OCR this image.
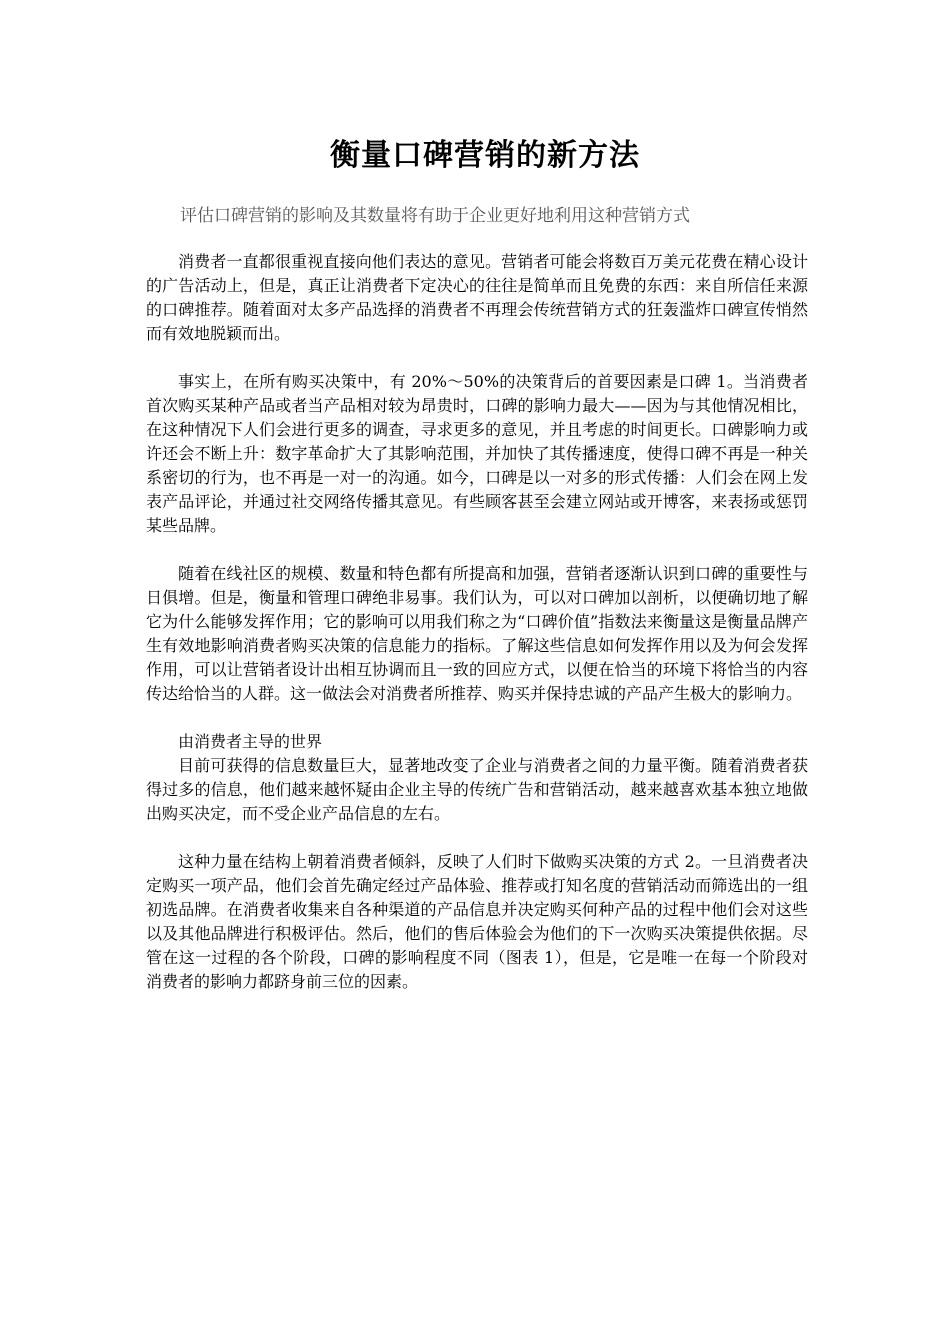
衡量口碑营销的新方法

评估口碑营销的影响及其数量将有助于企业更好地利用这种营销方式

消费者一直都很重视直接向他们表达的意见。营销者可能会将数百万美元花费在精心设计的广告活动上，但是，真正让消费者下定决心的往往是简单而且免费的东西：来自所信任来源的口碑推荐。随着面对太多产品选择的消费者不再理会传统营销方式的狂轰滥炸口碑宣传悄然而有效地脱颖而出。

事实上，在所有购买决策中，有 20%～50%的决策背后的首要因素是口碑 1。当消费者首次购买某种产品或者当产品相对较为昂贵时，口碑的影响力最大——因为与其他情况相比，在这种情况下人们会进行更多的调查，寻求更多的意见，并且考虑的时间更长。口碑影响力或许还会不断上升：数字革命扩大了其影响范围，并加快了其传播速度，使得口碑不再是一种关系密切的行为，也不再是一对一的沟通。如今，口碑是以一对多的形式传播：人们会在网上发表产品评论，并通过社交网络传播其意见。有些顾客甚至会建立网站或开博客，来表扬或惩罚某些品牌。

随着在线社区的规模、数量和特色都有所提高和加强，营销者逐渐认识到口碑的重要性与日俱增。但是，衡量和管理口碑绝非易事。我们认为，可以对口碑加以剖析，以便确切地了解它为什么能够发挥作用；它的影响可以用我们称之为“口碑价值”指数法来衡量这是衡量品牌产生有效地影响消费者购买决策的信息能力的指标。了解这些信息如何发挥作用以及为何会发挥作用，可以让营销者设计出相互协调而且一致的回应方式，以便在恰当的环境下将恰当的内容传达给恰当的人群。这一做法会对消费者所推荐、购买并保持忠诚的产品产生极大的影响力。

由消费者主导的世界

目前可获得的信息数量巨大，显著地改变了企业与消费者之间的力量平衡。随着消费者获得过多的信息，他们越来越怀疑由企业主导的传统广告和营销活动，越来越喜欢基本独立地做出购买决定，而不受企业产品信息的左右。

这种力量在结构上朝着消费者倾斜，反映了人们时下做购买决策的方式 2。一旦消费者决定购买一项产品，他们会首先确定经过产品体验、推荐或打知名度的营销活动而筛选出的一组初选品牌。在消费者收集来自各种渠道的产品信息并决定购买何种产品的过程中他们会对这些以及其他品牌进行积极评估。然后，他们的售后体验会为他们的下一次购买决策提供依据。尽管在这一过程的各个阶段，口碑的影响程度不同（图表 1），但是，它是唯一在每一个阶段对消费者的影响力都跻身前三位的因素。
